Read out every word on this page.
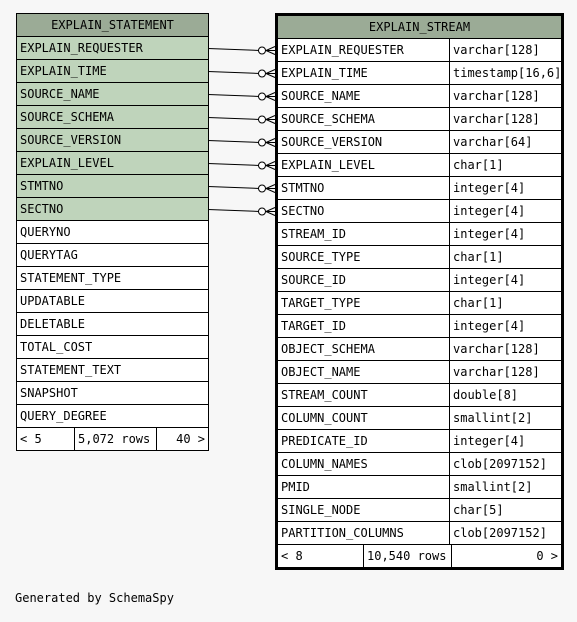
EXPLAIN_STATEMENT
EXPLAIN_REQUESTER
EXPLAIN_TIME
SOURCE_NAME
SOURCE_SCHEMA
SOURCE_VERSION
EXPLAIN_LEVEL
STMTNO
SECTNO
QUERYNO
QUERYTAG
STATEMENT_TYPE
UPDATABLE
DELETABLE
TOTAL_COST
STATEMENT_TEXT
SNAPSHOT
QUERY_DEGREE
< 5	5,072 rows	40 >
EXPLAIN_STREAM
EXPLAIN_REQUESTER	varchar[128]
EXPLAIN_TIME	timestamp[16,6]
SOURCE_NAME	varchar[128]
SOURCE_SCHEMA	varchar[128]
SOURCE_VERSION	varchar[64]
EXPLAIN_LEVEL	char[1]
STMTNO	integer[4]
SECTNO	integer[4]
STREAM_ID	integer[4]
SOURCE_TYPE	char[1]
SOURCE_ID	integer[4]
TARGET_TYPE	char[1]
TARGET_ID	integer[4]
OBJECT_SCHEMA	varchar[128]
OBJECT_NAME	varchar[128]
STREAM_COUNT	double[8]
COLUMN_COUNT	smallint[2]
PREDICATE_ID	integer[4]
COLUMN_NAMES	clob[2097152]
PMID	smallint[2]
SINGLE_NODE	char[5]
PARTITION_COLUMNS	clob[2097152]
< 8	10,540 rows	0 >
Generated by SchemaSpy
